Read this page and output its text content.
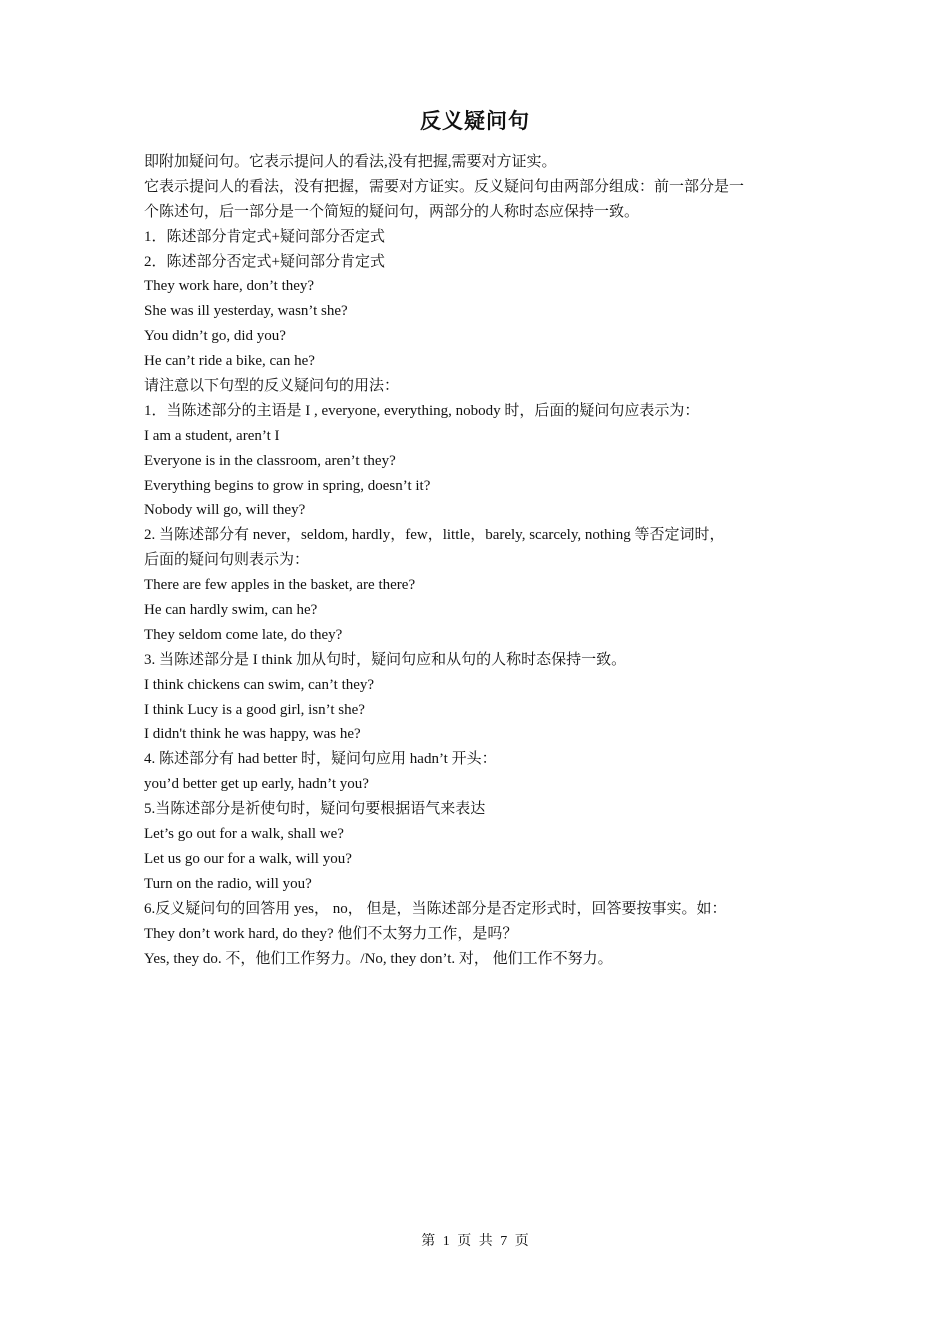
反义疑问句
即附加疑问句。它表示提问人的看法,没有把握,需要对方证实。
它表示提问人的看法，没有把握，需要对方证实。反义疑问句由两部分组成：前一部分是一
个陈述句，后一部分是一个简短的疑问句，两部分的人称时态应保持一致。
1．陈述部分肯定式+疑问部分否定式
2．陈述部分否定式+疑问部分肯定式
They work hare, don’t they?
She was ill yesterday, wasn’t she?
You didn’t go, did you?
He can’t ride a bike, can he?
请注意以下句型的反义疑问句的用法：
1．当陈述部分的主语是 I , everyone, everything, nobody 时，后面的疑问句应表示为：
I am a student, aren’t I
Everyone is in the classroom, aren’t they?
Everything begins to grow in spring, doesn’t it?
Nobody will go, will they?
2. 当陈述部分有 never，seldom, hardly，few，little，barely, scarcely, nothing 等否定词时，
后面的疑问句则表示为：
There are few apples in the basket, are there?
He can hardly swim, can he?
They seldom come late, do they?
3. 当陈述部分是 I think 加从句时，疑问句应和从句的人称时态保持一致。
I think chickens can swim, can’t they?
I think Lucy is a good girl, isn’t she?
I didn't think he was happy, was he?
4. 陈述部分有 had better 时，疑问句应用 hadn’t 开头：
you’d better get up early, hadn’t you?
5.当陈述部分是祈使句时，疑问句要根据语气来表达
Let’s go out for a walk, shall we?
Let us go our for a walk, will you?
Turn on the radio, will you?
6.反义疑问句的回答用 yes， no， 但是，当陈述部分是否定形式时，回答要按事实。如：
They don’t work hard, do they? 他们不太努力工作，是吗？
Yes, they do. 不，他们工作努力。/No, they don’t. 对， 他们工作不努力。
第 1 页 共 7 页
